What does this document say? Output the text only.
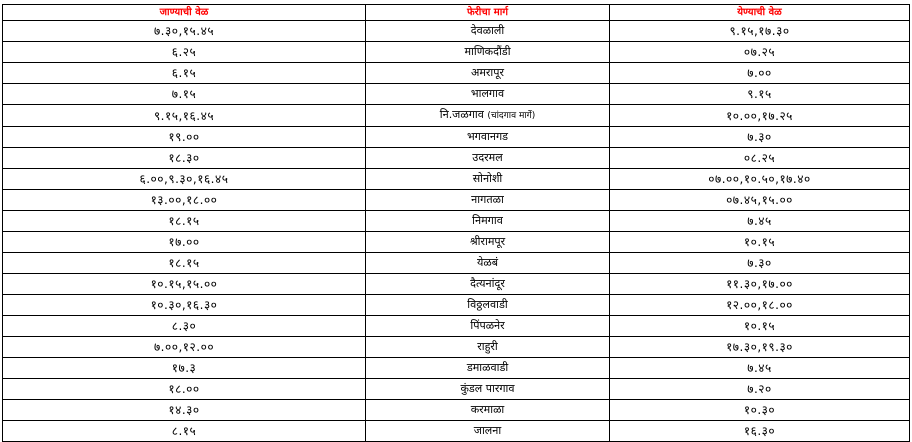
जाण्याची वेळ	फेरीचा मार्ग	येण्याची वेळ
७.३०,१५.४५	देवळाली	९.१५,१७.३०
६.२५	माणिकदौंडी	०७.२५
६.१५	अमरापूर	७.००
७.१५	भालगाव	९.१५
९.१५,१६.४५	नि.जळगाव (चांदगाव मार्गे)	१०.००,१७.२५
१९.००	भगवानगड	७.३०
१८.३०	उदरमल	०८.२५
६.००,९.३०,१६.४५	सोनोशी	०७.००,१०.५०,१७.४०
१३.००,१८.००	नागतळा	०७.४५,१५.००
१८.१५	निमगाव	७.४५
१७.००	श्रीरामपूर	१०.१५
१८.१५	येळबं	७.३०
१०.१५,१५.००	दैत्यनांदूर	११.३०,१७.००
१०.३०,१६.३०	विठ्ठलवाडी	१२.००,१८.००
८.३०	पिंपळनेर	१०.१५
७.००,१२.००	राहुरी	१७.३०,१९.३०
१७.३	डमाळवाडी	७.४५
१८.००	कुंडल पारगाव	७.२०
१४.३०	करमाळा	१०.३०
८.१५	जालना	१६.३०
